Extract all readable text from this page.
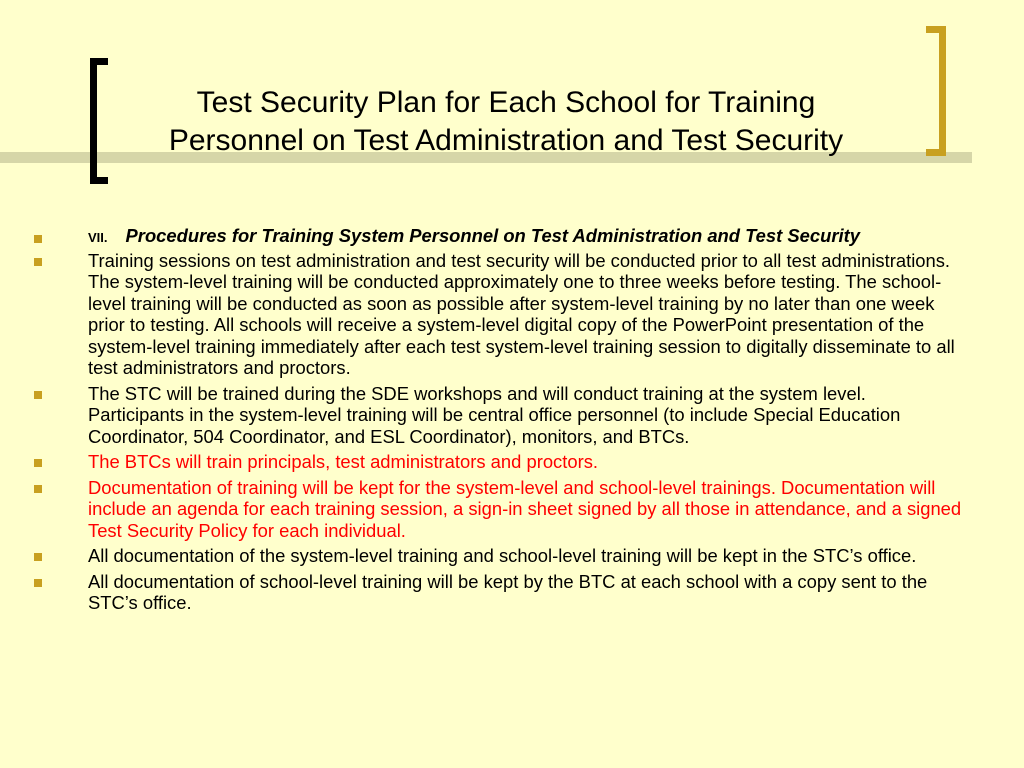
Test Security Plan for Each School for Training
Personnel on Test Administration and Test Security
VII. Procedures for Training System Personnel on Test Administration and Test Security
Training sessions on test administration and test security will be conducted prior to all test administrations. The system-level training will be conducted approximately one to three weeks before testing. The school-level training will be conducted as soon as possible after system-level training by no later than one week prior to testing. All schools will receive a system-level digital copy of the PowerPoint presentation of the system-level training immediately after each test system-level training session to digitally disseminate to all test administrators and proctors.
The STC will be trained during the SDE workshops and will conduct training at the system level. Participants in the system-level training will be central office personnel (to include Special Education Coordinator, 504 Coordinator, and ESL Coordinator), monitors, and BTCs.
The BTCs will train principals, test administrators and proctors.
Documentation of training will be kept for the system-level and school-level trainings. Documentation will include an agenda for each training session, a sign-in sheet signed by all those in attendance, and a signed Test Security Policy for each individual.
All documentation of the system-level training and school-level training will be kept in the STC’s office.
All documentation of school-level training will be kept by the BTC at each school with a copy sent to the STC’s office.
